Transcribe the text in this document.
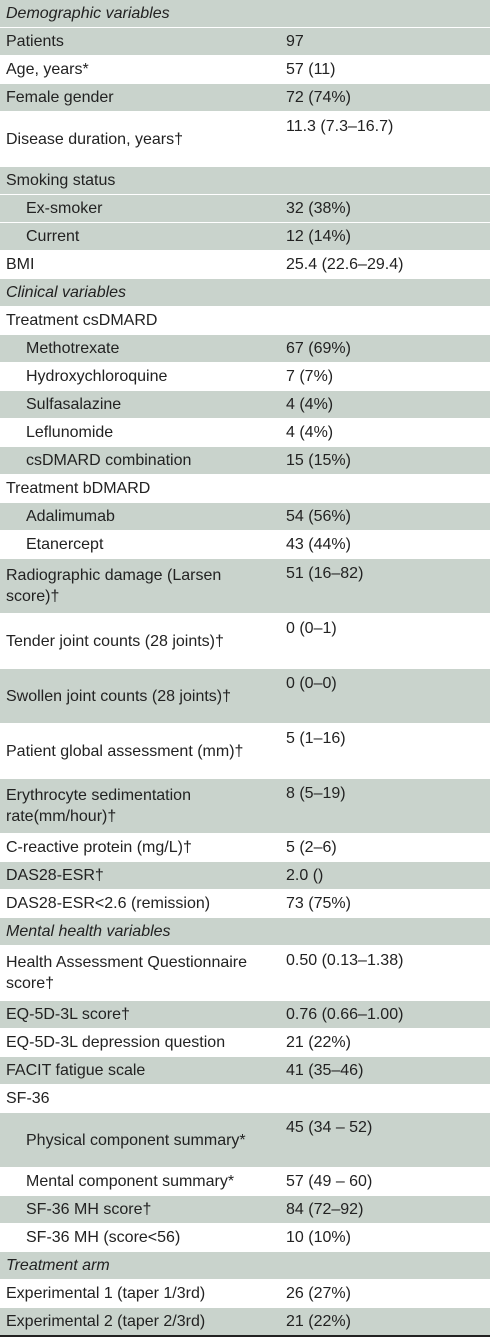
Demographic variables	
Patients	97
Age, years*	57 (11)
Female gender	72 (74%)
Disease duration, years†	11.3 (7.3–16.7)
Smoking status	
Ex-smoker	32 (38%)
Current	12 (14%)
BMI	25.4 (22.6–29.4)
Clinical variables	
Treatment csDMARD	
Methotrexate	67 (69%)
Hydroxychloroquine	7 (7%)
Sulfasalazine	4 (4%)
Leflunomide	4 (4%)
csDMARD combination	15 (15%)
Treatment bDMARD	
Adalimumab	54 (56%)
Etanercept	43 (44%)
Radiographic damage (Larsen score)†	51 (16–82)
Tender joint counts (28 joints)†	0 (0–1)
Swollen joint counts (28 joints)†	0 (0–0)
Patient global assessment (mm)†	5 (1–16)
Erythrocyte sedimentation rate(mm/hour)†	8 (5–19)
C-reactive protein (mg/L)†	5 (2–6)
DAS28-ESR†	2.0 ()
DAS28-ESR<2.6 (remission)	73 (75%)
Mental health variables	
Health Assessment Questionnaire score†	0.50 (0.13–1.38)
EQ-5D-3L score†	0.76 (0.66–1.00)
EQ-5D-3L depression question	21 (22%)
FACIT fatigue scale	41 (35–46)
SF-36	
Physical component summary*	45 (34 – 52)
Mental component summary*	57 (49 – 60)
SF-36 MH score†	84 (72–92)
SF-36 MH (score<56)	10 (10%)
Treatment arm	
Experimental 1 (taper 1/3rd)	26 (27%)
Experimental 2 (taper 2/3rd)	21 (22%)
